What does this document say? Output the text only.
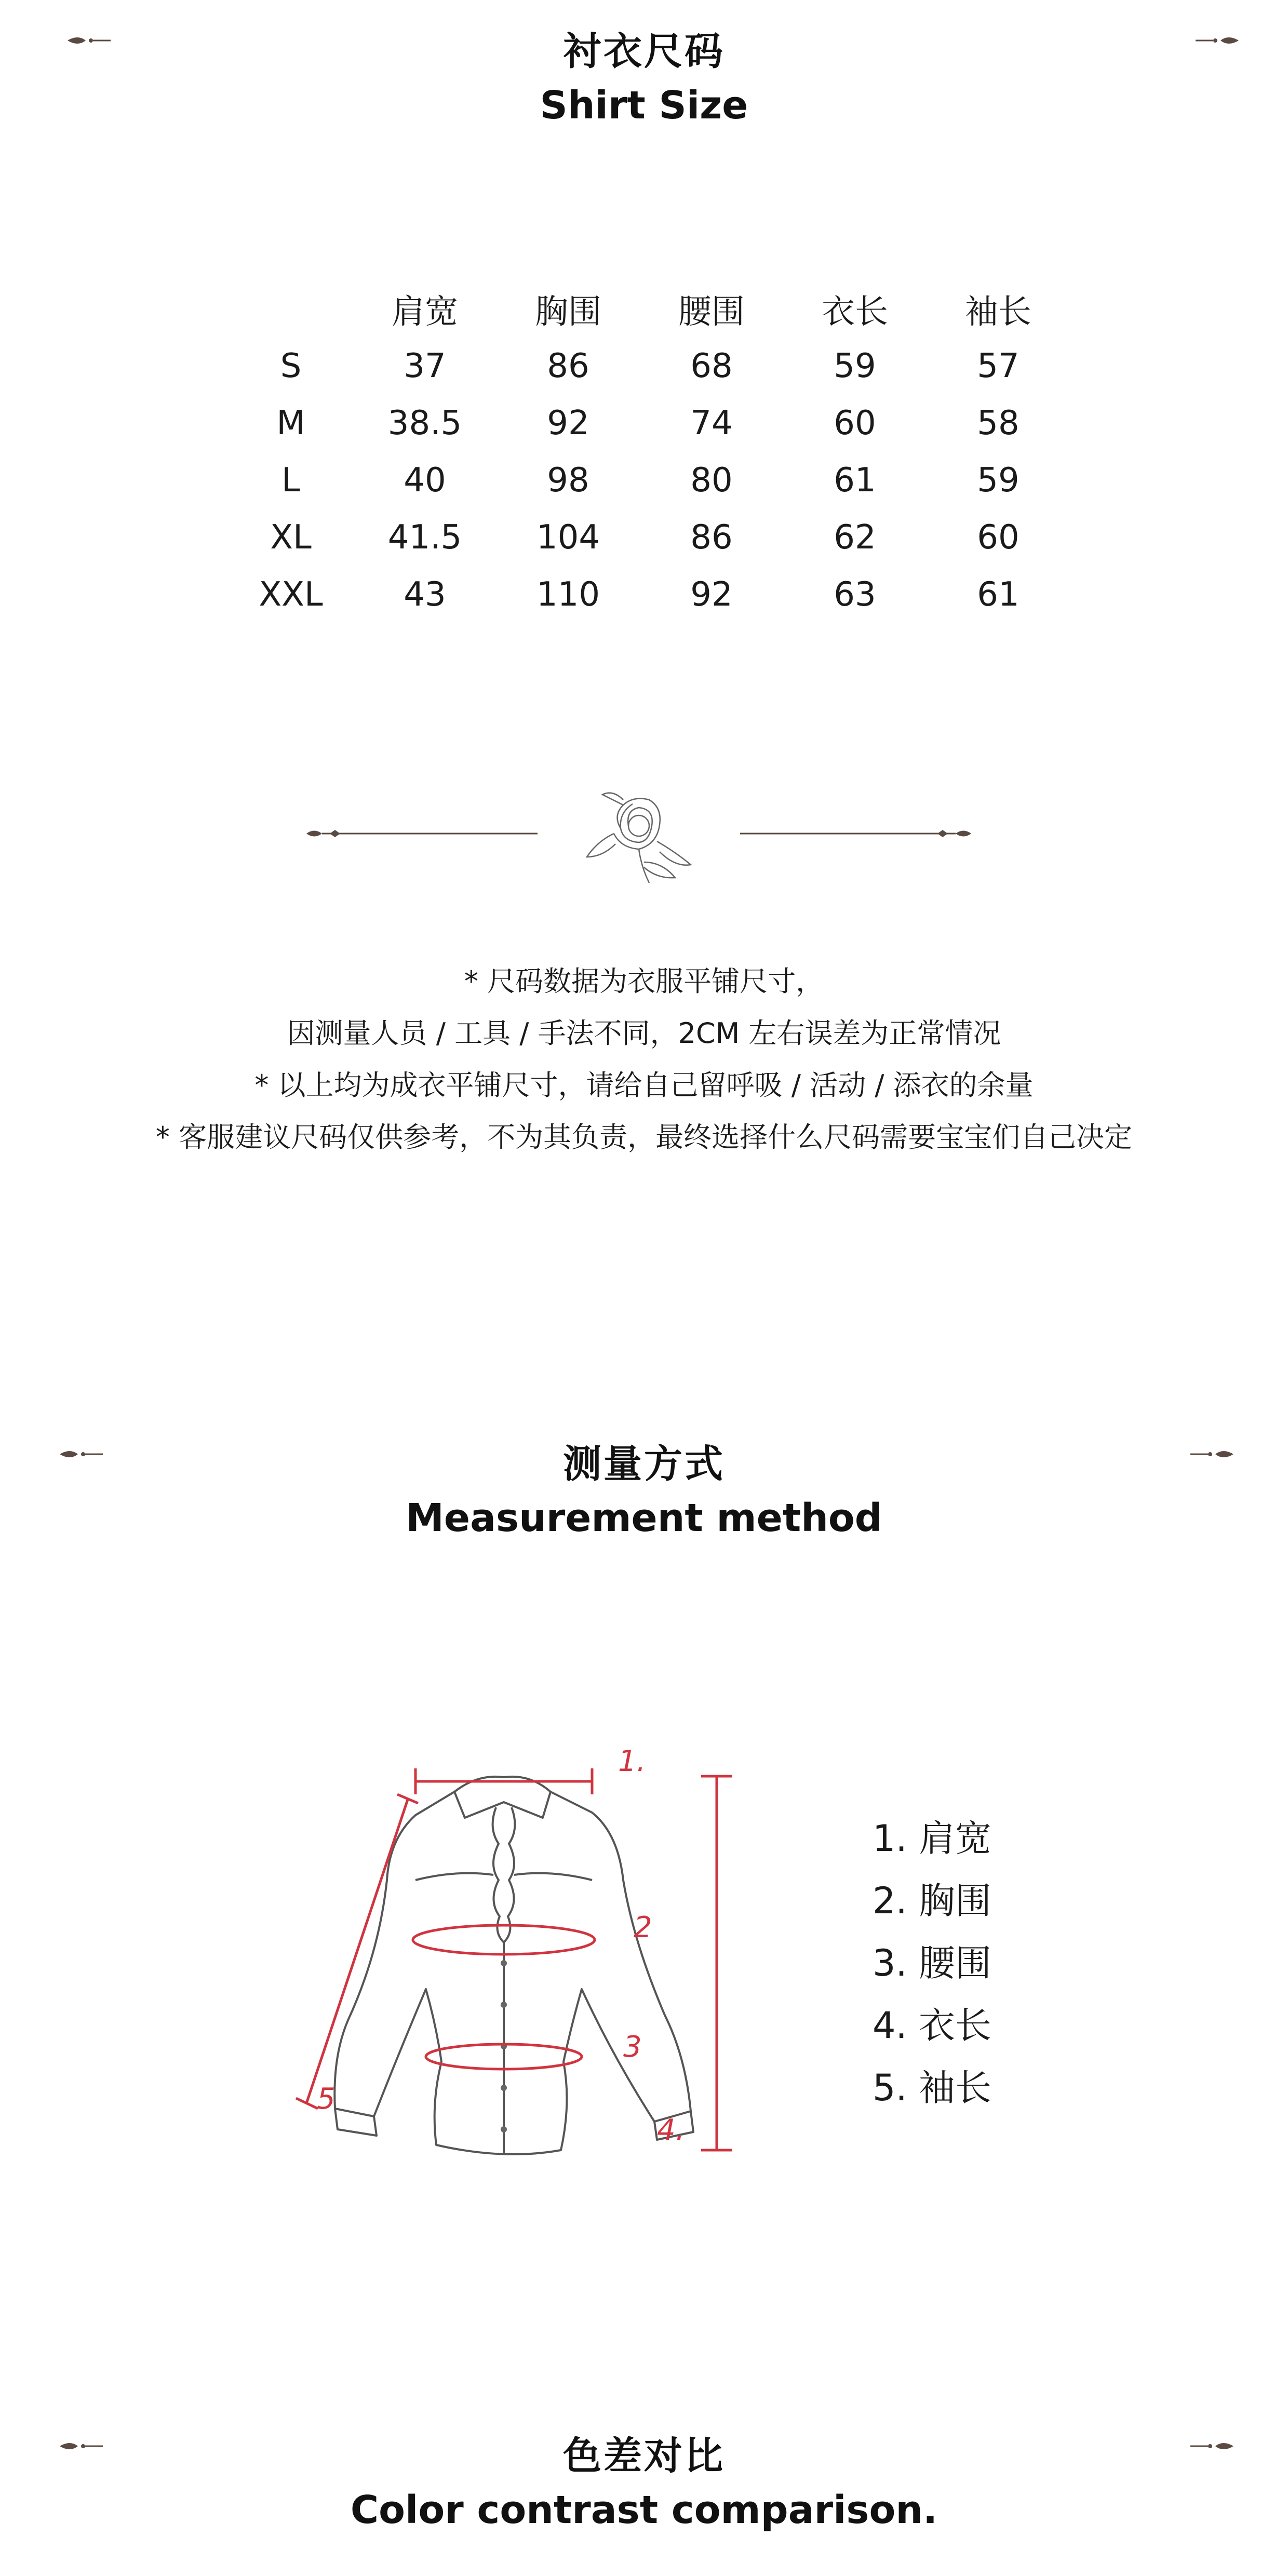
衬衣尺码
Shirt Size
	肩宽	胸围	腰围	衣长	袖长
S	37	86	68	59	57
M	38.5	92	74	60	58
L	40	98	80	61	59
XL	41.5	104	86	62	60
XXL	43	110	92	63	61
* 尺码数据为衣服平铺尺寸，
因测量人员 / 工具 / 手法不同，2CM 左右误差为正常情况
* 以上均为成衣平铺尺寸，请给自己留呼吸 / 活动 / 添衣的余量
* 客服建议尺码仅供参考，不为其负责，最终选择什么尺码需要宝宝们自己决定
测量方式
Measurement method
1.
2
3
4.
5
1. 肩宽
2. 胸围
3. 腰围
4. 衣长
5. 袖长
色差对比
Color contrast comparison.
